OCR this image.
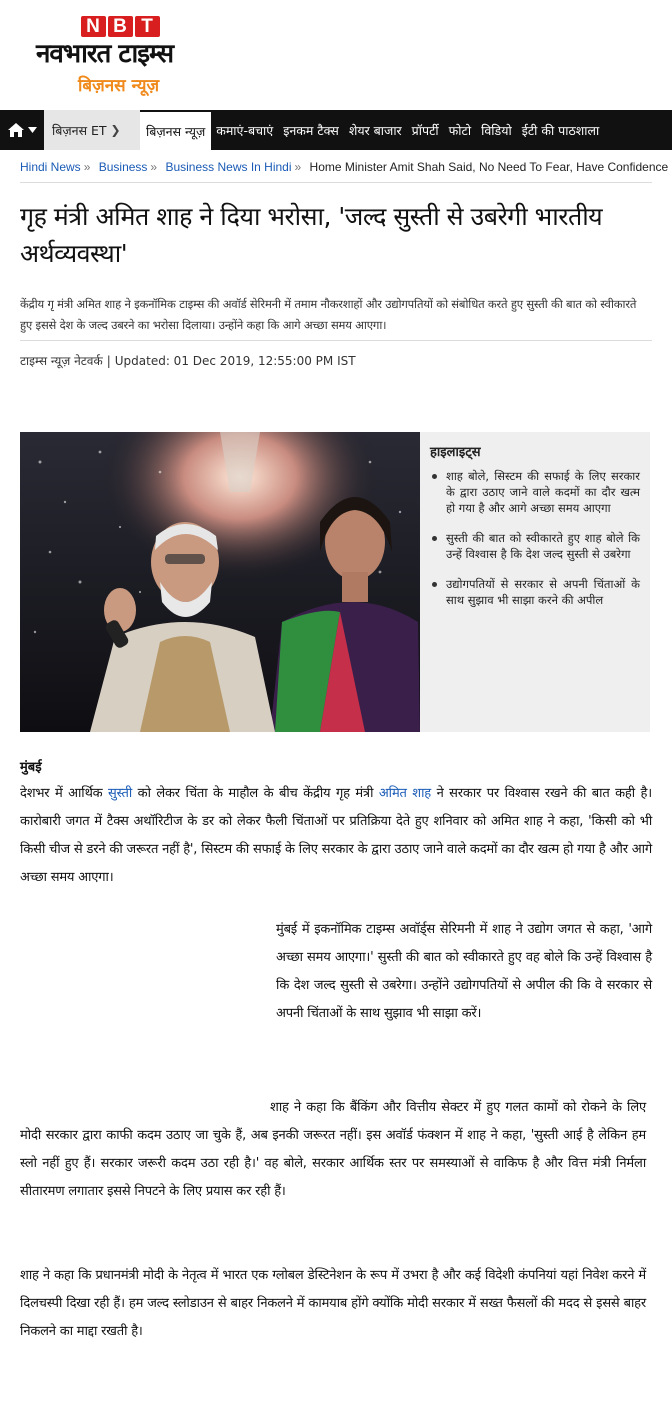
N B T
नवभारत टाइम्स
बिज़नस न्यूज़
बिज़नस ET ❯	बिज़नस न्यूज़ कमाएं-बचाएं इनकम टैक्स शेयर बाजार प्रॉपर्टी फोटो विडियो ईटी की पाठशाला
Hindi News » Business » Business News In Hindi » Home Minister Amit Shah Said, No Need To Fear, Have Confidence
गृह मंत्री अमित शाह ने दिया भरोसा, 'जल्द सुस्ती से उबरेगी भारतीय अर्थव्यवस्था'

केंद्रीय गृ मंत्री अमित शाह ने इकनॉमिक टाइम्स की अवॉर्ड सेरिमनी में तमाम नौकरशाहों और उद्योगपतियों को संबोधित करते हुए सुस्ती की बात को स्वीकारते हुए इससे देश के जल्द उबरने का भरोसा दिलाया। उन्होंने कहा कि आगे अच्छा समय आएगा।

टाइम्स न्यूज़ नेटवर्क | Updated: 01 Dec 2019, 12:55:00 PM IST
हाइलाइट्स
शाह बोले, सिस्टम की सफाई के लिए सरकार के द्वारा उठाए जाने वाले कदमों का दौर खत्म हो गया है और आगे अच्छा समय आएगा
सुस्ती की बात को स्वीकारते हुए शाह बोले कि उन्हें विश्वास है कि देश जल्द सुस्ती से उबरेगा
उद्योगपतियों से सरकार से अपनी चिंताओं के साथ सुझाव भी साझा करने की अपील
मुंबई

देशभर में आर्थिक सुस्ती को लेकर चिंता के माहौल के बीच केंद्रीय गृह मंत्री अमित शाह ने सरकार पर विश्वास रखने की बात कही है। कारोबारी जगत में टैक्स अथॉरिटीज के डर को लेकर फैली चिंताओं पर प्रतिक्रिया देते हुए शनिवार को अमित शाह ने कहा, 'किसी को भी किसी चीज से डरने की जरूरत नहीं है', सिस्टम की सफाई के लिए सरकार के द्वारा उठाए जाने वाले कदमों का दौर खत्म हो गया है और आगे अच्छा समय आएगा।

मुंबई में इकनॉमिक टाइम्स अवॉर्ड्स सेरिमनी में शाह ने उद्योग जगत से कहा, 'आगे अच्छा समय आएगा।' सुस्ती की बात को स्वीकारते हुए वह बोले कि उन्हें विश्वास है कि देश जल्द सुस्ती से उबरेगा। उन्होंने उद्योगपतियों से अपील की कि वे सरकार से अपनी चिंताओं के साथ सुझाव भी साझा करें।

शाह ने कहा कि बैंकिंग और वित्तीय सेक्टर में हुए गलत कामों को रोकने के लिए मोदी सरकार द्वारा काफी कदम उठाए जा चुके हैं, अब इनकी जरूरत नहीं। इस अवॉर्ड फंक्शन में शाह ने कहा, 'सुस्ती आई है लेकिन हम स्लो नहीं हुए हैं। सरकार जरूरी कदम उठा रही है।' वह बोले, सरकार आर्थिक स्तर पर समस्याओं से वाकिफ है और वित्त मंत्री निर्मला सीतारमण लगातार इससे निपटने के लिए प्रयास कर रही हैं।

शाह ने कहा कि प्रधानमंत्री मोदी के नेतृत्व में भारत एक ग्लोबल डेस्टिनेशन के रूप में उभरा है और कई विदेशी कंपनियां यहां निवेश करने में दिलचस्पी दिखा रही हैं। हम जल्द स्लोडाउन से बाहर निकलने में कामयाब होंगे क्योंकि मोदी सरकार में सख्त फैसलों की मदद से इससे बाहर निकलने का माद्दा रखती है।
